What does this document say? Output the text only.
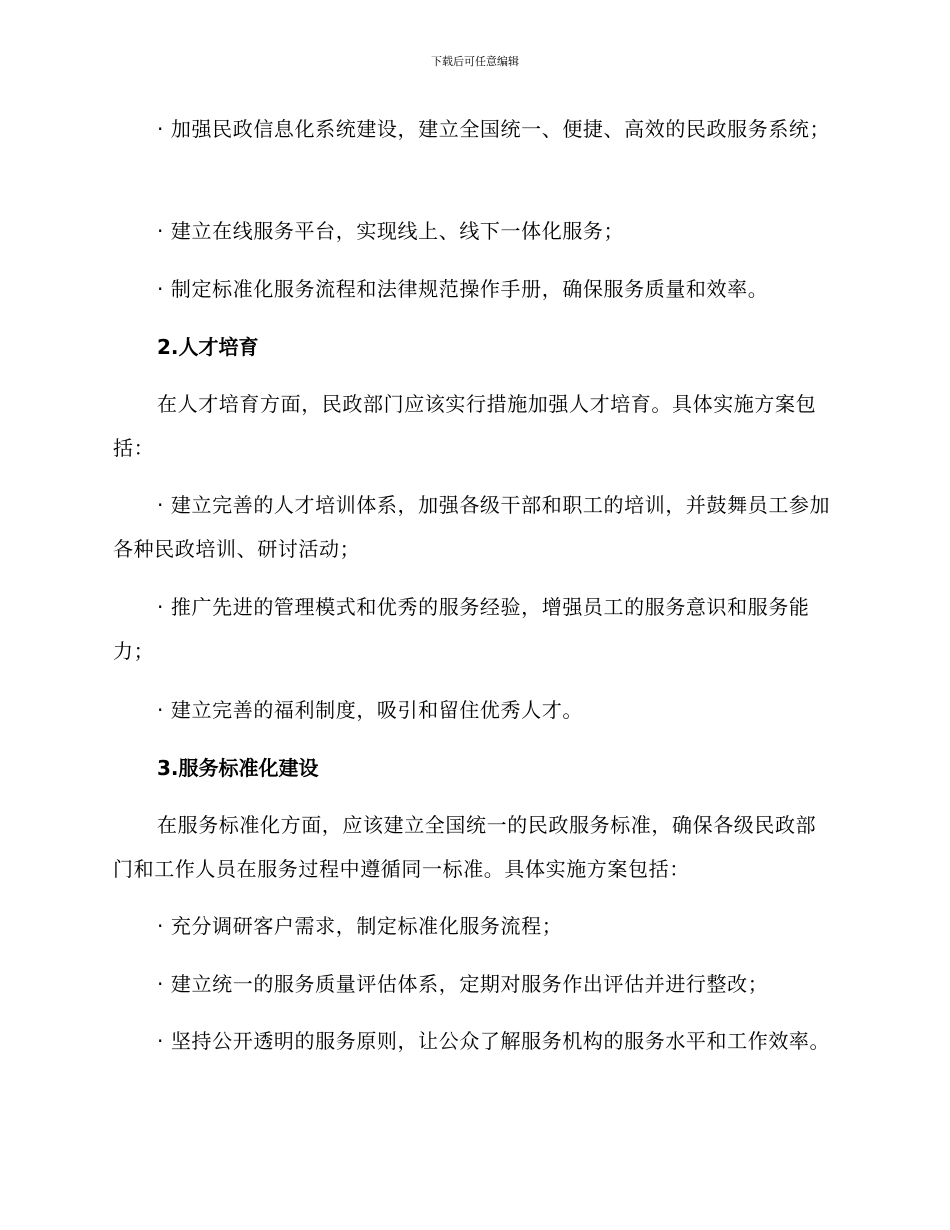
下载后可任意编辑
· 加强民政信息化系统建设，建立全国统一、便捷、高效的民政服务系统；
· 建立在线服务平台，实现线上、线下一体化服务；
· 制定标准化服务流程和法律规范操作手册，确保服务质量和效率。
2.人才培育
在人才培育方面，民政部门应该实行措施加强人才培育。具体实施方案包括：
· 建立完善的人才培训体系，加强各级干部和职工的培训，并鼓舞员工参加各种民政培训、研讨活动；
· 推广先进的管理模式和优秀的服务经验，增强员工的服务意识和服务能力；
· 建立完善的福利制度，吸引和留住优秀人才。
3.服务标准化建设
在服务标准化方面，应该建立全国统一的民政服务标准，确保各级民政部门和工作人员在服务过程中遵循同一标准。具体实施方案包括：
· 充分调研客户需求，制定标准化服务流程；
· 建立统一的服务质量评估体系，定期对服务作出评估并进行整改；
· 坚持公开透明的服务原则，让公众了解服务机构的服务水平和工作效率。
